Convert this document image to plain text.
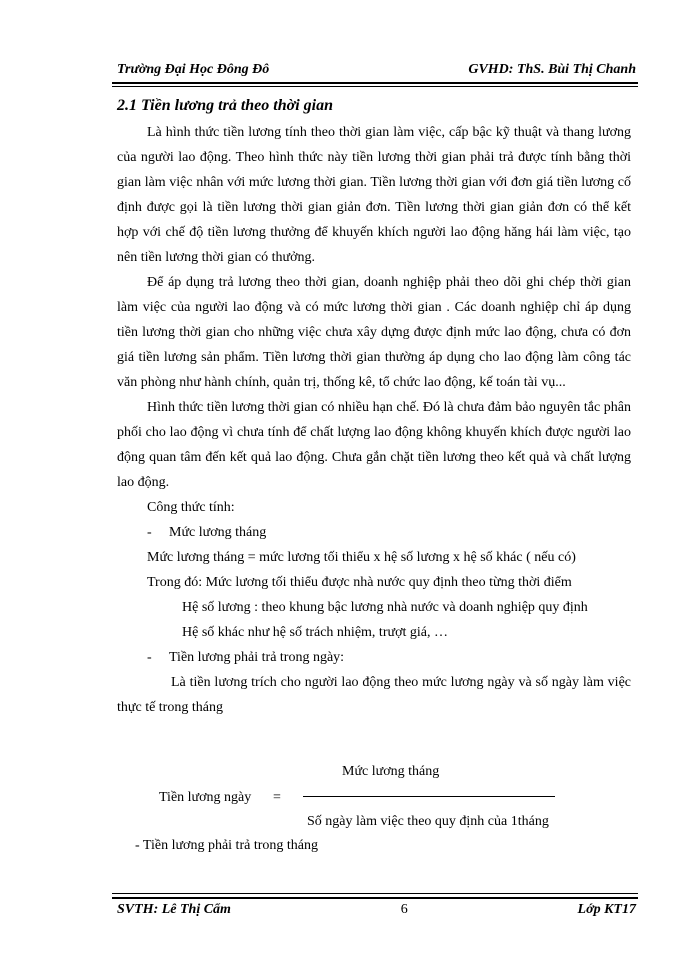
Trường Đại Học Đông Đô	GVHD: ThS. Bùi Thị Chanh
2.1 Tiền lương trả theo thời gian

Là hình thức tiền lương tính theo thời gian làm việc, cấp bậc kỹ thuật và thang lương của người lao động. Theo hình thức này tiền lương thời gian phải trả được tính bằng thời gian làm việc nhân với mức lương thời gian. Tiền lương thời gian với đơn giá tiền lương cố định được gọi là tiền lương thời gian giản đơn. Tiền lương thời gian giản đơn có thể kết hợp với chế độ tiền lương thưởng để khuyến khích người lao động hăng hái làm việc, tạo nên tiền lương thời gian có thưởng.

Để áp dụng trả lương theo thời gian, doanh nghiệp phải theo dõi ghi chép thời gian làm việc của người lao động và có mức lương thời gian . Các doanh nghiệp chỉ áp dụng tiền lương thời gian cho những việc chưa xây dựng được định mức lao động, chưa có đơn giá tiền lương sản phẩm. Tiền lương thời gian thường áp dụng cho lao động làm công tác văn phòng như hành chính, quản trị, thống kê, tổ chức lao động, kế toán tài vụ...

Hình thức tiền lương thời gian có nhiều hạn chế. Đó là chưa đảm bảo nguyên tắc phân phối cho lao động vì chưa tính để chất lượng lao động không khuyến khích được người lao động quan tâm đến kết quả lao động. Chưa gắn chặt tiền lương theo kết quả và chất lượng lao động.

Công thức tính:

- Mức lương tháng

Mức lương tháng = mức lương tối thiểu x hệ số lương x hệ số khác ( nếu có)

Trong đó: Mức lương tối thiểu được nhà nước quy định theo từng thời điểm

Hệ số lương : theo khung bậc lương nhà nước và doanh nghiệp quy định

Hệ số khác như hệ số trách nhiệm, trượt giá, …

- Tiền lương phải trả trong ngày:

Là tiền lương trích cho người lao động theo mức lương ngày và số ngày làm việc thực tế trong tháng

Mức lương tháng
Tiền lương ngày =
Số ngày làm việc theo quy định của 1tháng
- Tiền lương phải trả trong tháng
SVTH: Lê Thị Cẩm	6	Lớp KT17
